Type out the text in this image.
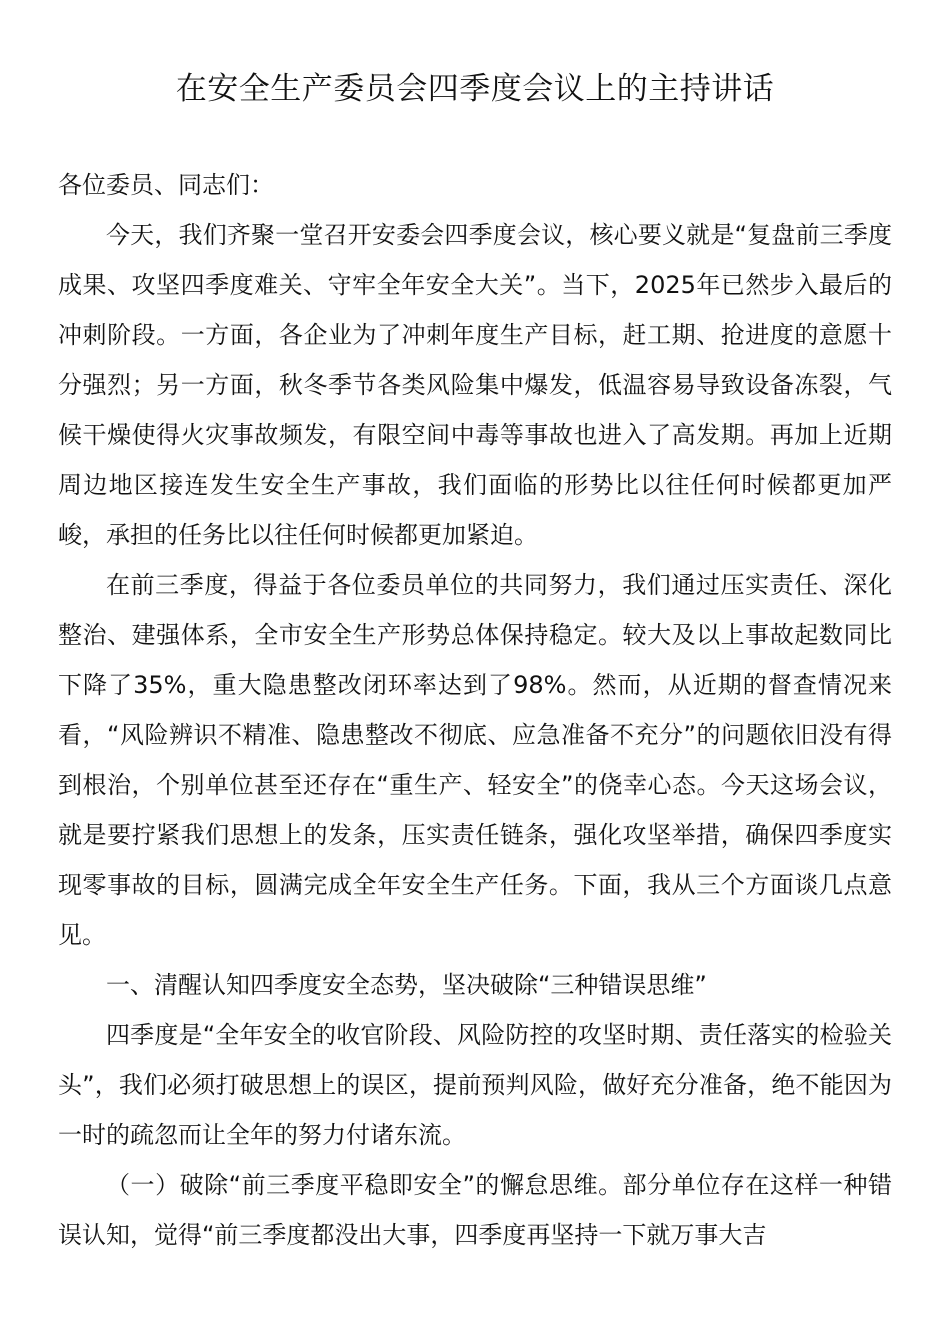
在安全生产委员会四季度会议上的主持讲话

各位委员、同志们：

今天，我们齐聚一堂召开安委会四季度会议，核心要义就是“复盘前三季度成果、攻坚四季度难关、守牢全年安全大关”。当下，2025年已然步入最后的冲刺阶段。一方面，各企业为了冲刺年度生产目标，赶工期、抢进度的意愿十分强烈；另一方面，秋冬季节各类风险集中爆发，低温容易导致设备冻裂，气候干燥使得火灾事故频发，有限空间中毒等事故也进入了高发期。再加上近期周边地区接连发生安全生产事故，我们面临的形势比以往任何时候都更加严峻，承担的任务比以往任何时候都更加紧迫。

在前三季度，得益于各位委员单位的共同努力，我们通过压实责任、深化整治、建强体系，全市安全生产形势总体保持稳定。较大及以上事故起数同比下降了35%，重大隐患整改闭环率达到了98%。然而，从近期的督查情况来看，“风险辨识不精准、隐患整改不彻底、应急准备不充分”的问题依旧没有得到根治，个别单位甚至还存在“重生产、轻安全”的侥幸心态。今天这场会议，就是要拧紧我们思想上的发条，压实责任链条，强化攻坚举措，确保四季度实现零事故的目标，圆满完成全年安全生产任务。下面，我从三个方面谈几点意见。

一、清醒认知四季度安全态势，坚决破除“三种错误思维”

四季度是“全年安全的收官阶段、风险防控的攻坚时期、责任落实的检验关头”，我们必须打破思想上的误区，提前预判风险，做好充分准备，绝不能因为一时的疏忽而让全年的努力付诸东流。

（一）破除“前三季度平稳即安全”的懈怠思维。部分单位存在这样一种错误认知，觉得“前三季度都没出大事，四季度再坚持一下就万事大吉
